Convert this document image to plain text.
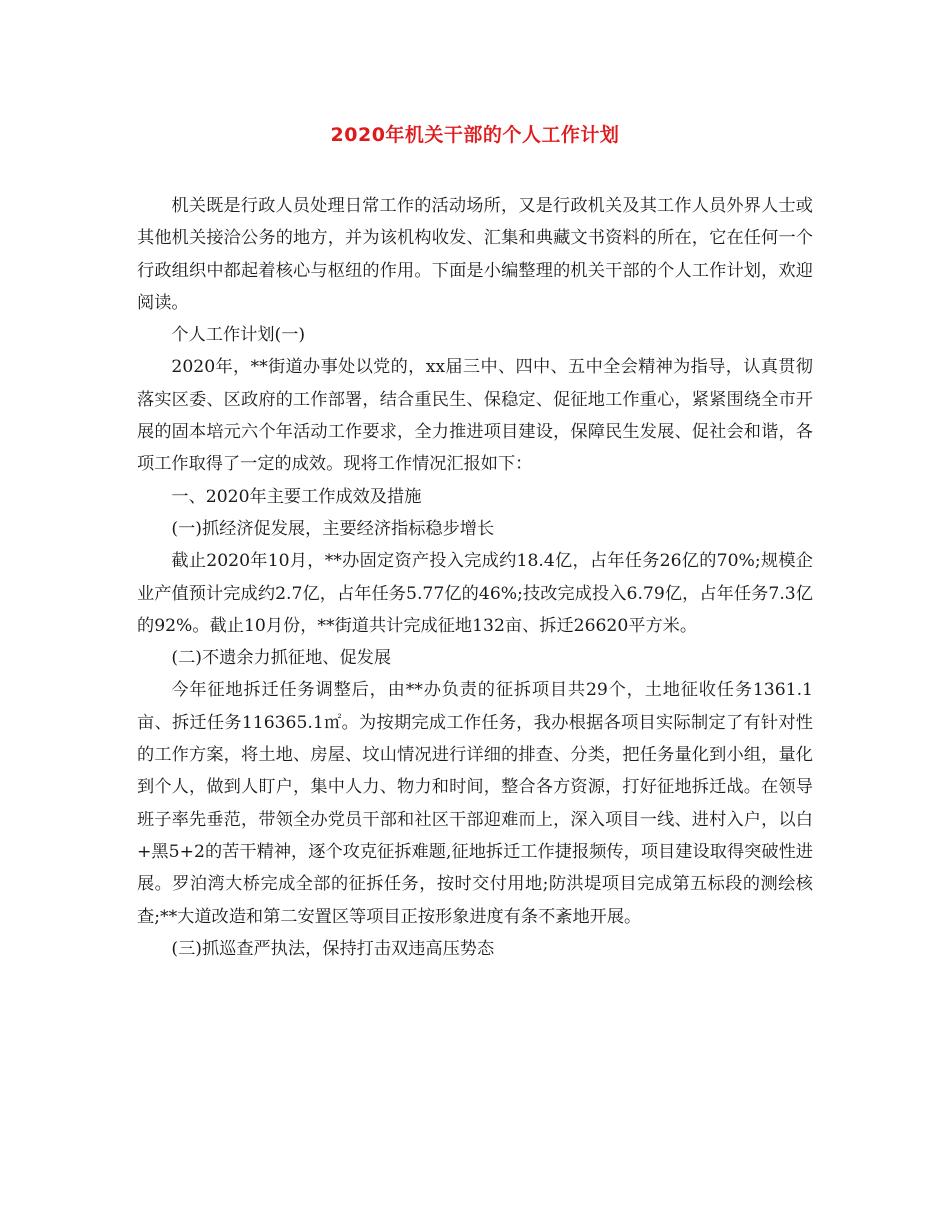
2020年机关干部的个人工作计划

机关既是行政人员处理日常工作的活动场所，又是行政机关及其工作人员外界人士或其他机关接洽公务的地方，并为该机构收发、汇集和典藏文书资料的所在，它在任何一个行政组织中都起着核心与枢纽的作用。下面是小编整理的机关干部的个人工作计划，欢迎阅读。

个人工作计划(一)

2020年，**街道办事处以党的，xx届三中、四中、五中全会精神为指导，认真贯彻落实区委、区政府的工作部署，结合重民生、保稳定、促征地工作重心，紧紧围绕全市开展的固本培元六个年活动工作要求，全力推进项目建设，保障民生发展、促社会和谐，各项工作取得了一定的成效。现将工作情况汇报如下：

一、2020年主要工作成效及措施

(一)抓经济促发展，主要经济指标稳步增长

截止2020年10月，**办固定资产投入完成约18.4亿，占年任务26亿的70%;规模企业产值预计完成约2.7亿，占年任务5.77亿的46%;技改完成投入6.79亿，占年任务7.3亿的92%。截止10月份，**街道共计完成征地132亩、拆迁26620平方米。

(二)不遗余力抓征地、促发展

今年征地拆迁任务调整后，由**办负责的征拆项目共29个，土地征收任务1361.1亩、拆迁任务116365.1㎡。为按期完成工作任务，我办根据各项目实际制定了有针对性的工作方案，将土地、房屋、坟山情况进行详细的排查、分类，把任务量化到小组，量化到个人，做到人盯户，集中人力、物力和时间，整合各方资源，打好征地拆迁战。在领导班子率先垂范，带领全办党员干部和社区干部迎难而上，深入项目一线、进村入户，以白+黑5+2的苦干精神，逐个攻克征拆难题,征地拆迁工作捷报频传，项目建设取得突破性进展。罗泊湾大桥完成全部的征拆任务，按时交付用地;防洪堤项目完成第五标段的测绘核查;**大道改造和第二安置区等项目正按形象进度有条不紊地开展。

(三)抓巡查严执法，保持打击双违高压势态
